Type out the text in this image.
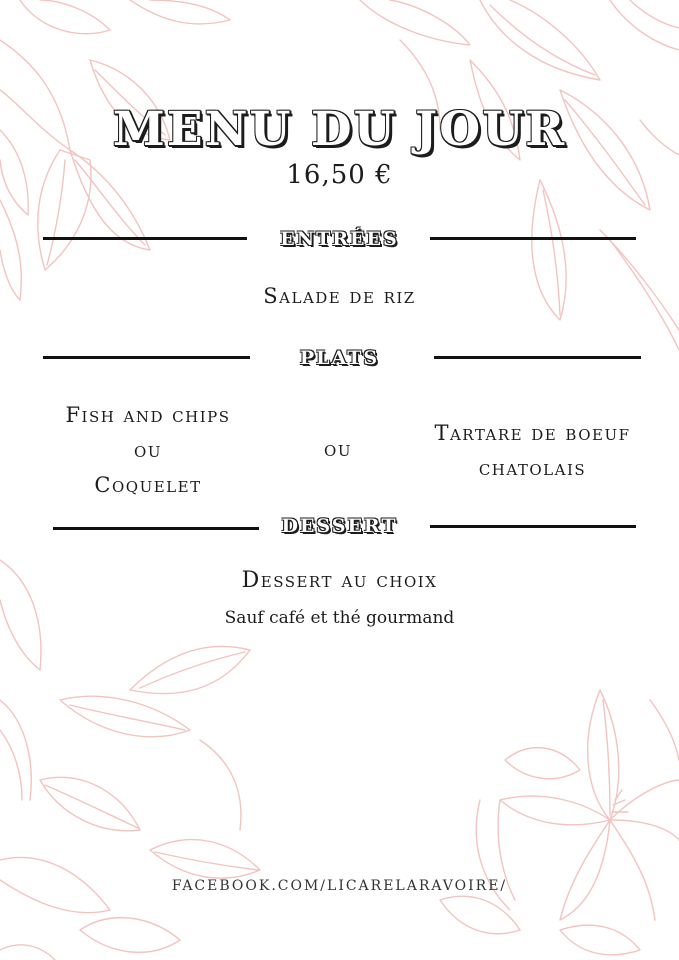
MENU DU JOUR
16,50 €
ENTRÉES
Salade de riz
PLATS
Fish and chips
ou
Coquelet
ou
Tartare de boeuf
chatolais
DESSERT
Dessert au choix
Sauf café et thé gourmand
FACEBOOK.COM/LICARELARAVOIRE/
